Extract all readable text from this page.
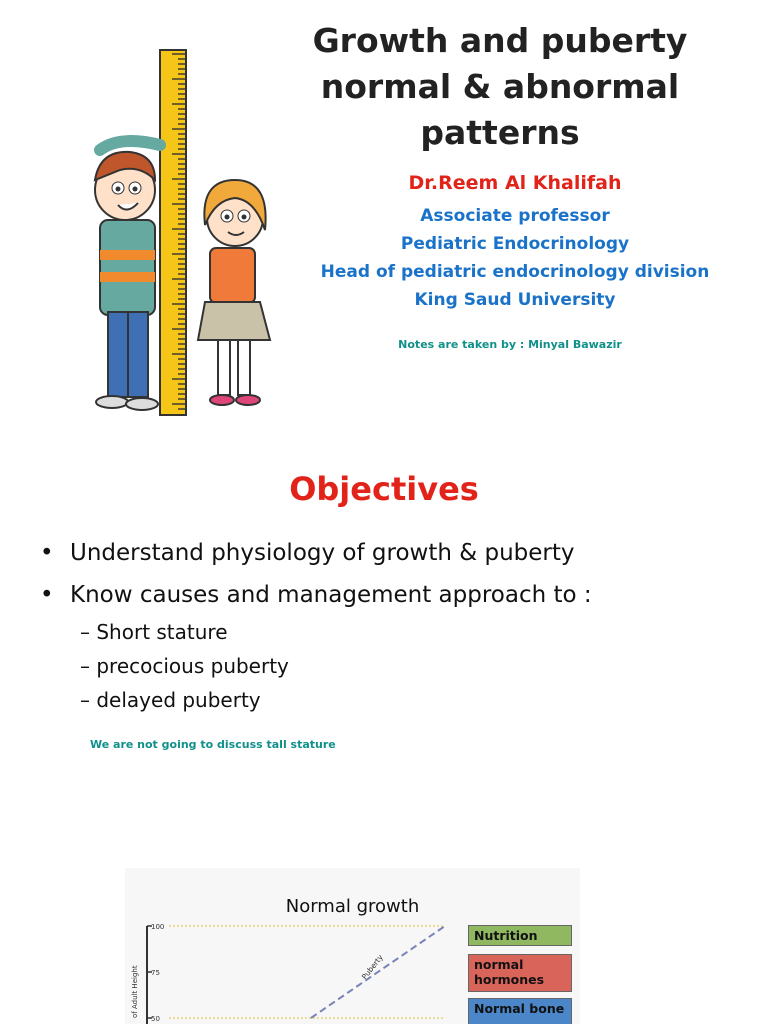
Growth and puberty
normal & abnormal
patterns
Dr.Reem Al Khalifah
Associate professor
Pediatric Endocrinology
Head of pediatric endocrinology division
King Saud University
Notes are taken by : Minyal Bawazir
Objectives
• Understand physiology of growth & puberty
• Know causes and management approach to :
– Short stature
– precocious puberty
– delayed puberty
We are not going to discuss tall stature
Normal growth
100
75
50
of Adult Height	Puberty
Nutrition
normal hormones
Normal bone
